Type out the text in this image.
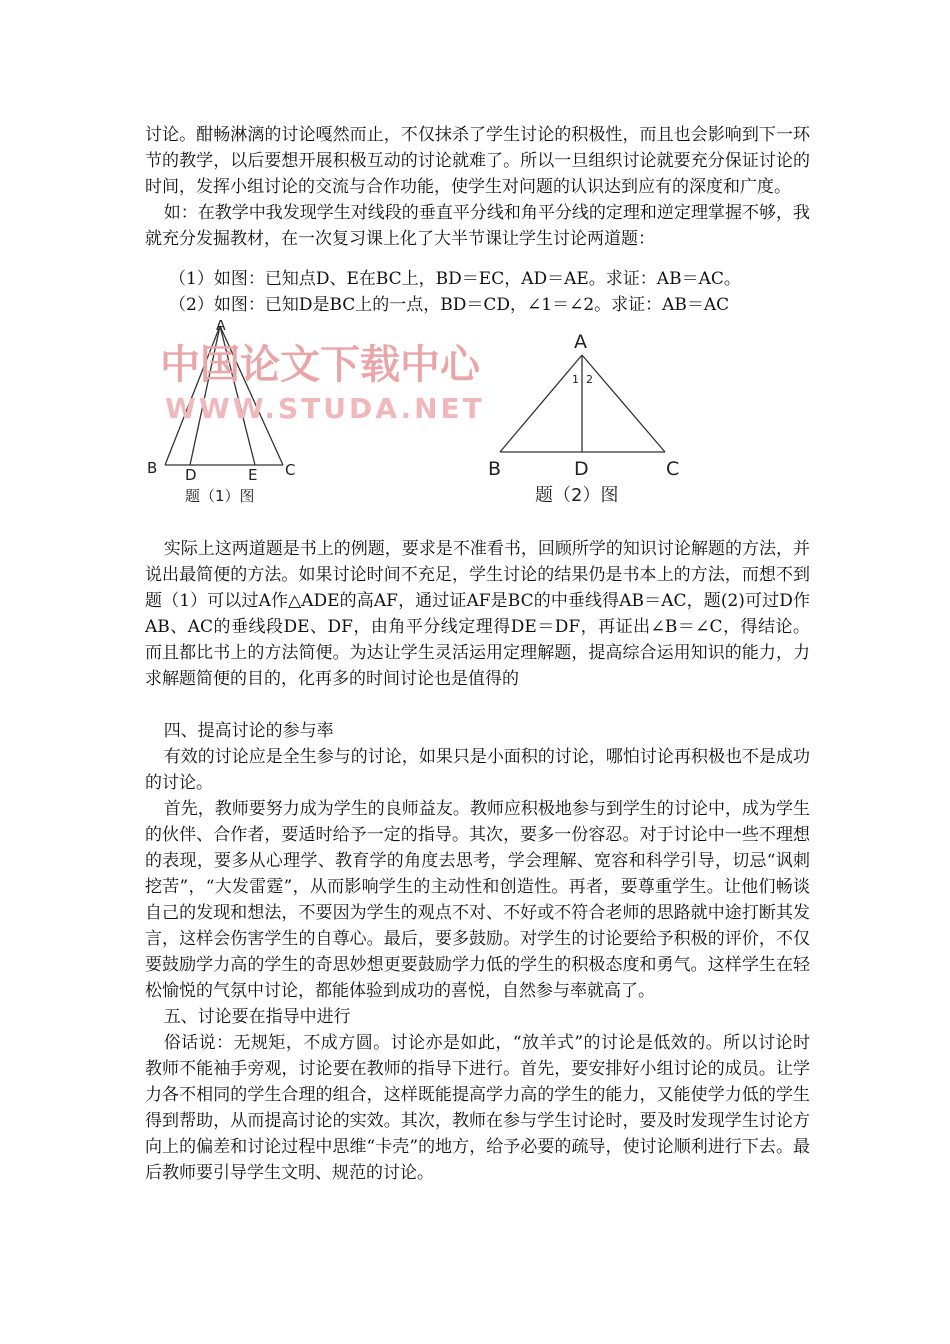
讨论。酣畅淋漓的讨论嘎然而止，不仅抹杀了学生讨论的积极性，而且也会影响到下一环节的教学，以后要想开展积极互动的讨论就难了。所以一旦组织讨论就要充分保证讨论的时间，发挥小组讨论的交流与合作功能，使学生对问题的认识达到应有的深度和广度。

如：在教学中我发现学生对线段的垂直平分线和角平分线的定理和逆定理掌握不够，我就充分发掘教材，在一次复习课上化了大半节课让学生讨论两道题：

（1）如图：已知点D、E在BC上，BD＝EC，AD＝AE。求证：AB＝AC。

（2）如图：已知D是BC上的一点，BD＝CD，∠1＝∠2。求证：AB＝AC

A
B D	E C
题（1）图
中国论文下载中心
WWW.STUDA.NET
A
1 2
B	D	C
题（2）图

实际上这两道题是书上的例题，要求是不准看书，回顾所学的知识讨论解题的方法，并说出最简便的方法。如果讨论时间不充足，学生讨论的结果仍是书本上的方法，而想不到题（1）可以过A作△ADE的高AF，通过证AF是BC的中垂线得AB＝AC，题(2)可过D作AB、AC的垂线段DE、DF，由角平分线定理得DE＝DF，再证出∠B＝∠C，得结论。而且都比书上的方法简便。为达让学生灵活运用定理解题，提高综合运用知识的能力，力求解题简便的目的，化再多的时间讨论也是值得的

四、提高讨论的参与率

有效的讨论应是全生参与的讨论，如果只是小面积的讨论，哪怕讨论再积极也不是成功的讨论。

首先，教师要努力成为学生的良师益友。教师应积极地参与到学生的讨论中，成为学生的伙伴、合作者，要适时给予一定的指导。其次，要多一份容忍。对于讨论中一些不理想的表现，要多从心理学、教育学的角度去思考，学会理解、宽容和科学引导，切忌“讽刺挖苦”，“大发雷霆”，从而影响学生的主动性和创造性。再者，要尊重学生。让他们畅谈自己的发现和想法，不要因为学生的观点不对、不好或不符合老师的思路就中途打断其发言，这样会伤害学生的自尊心。最后，要多鼓励。对学生的讨论要给予积极的评价，不仅要鼓励学力高的学生的奇思妙想更要鼓励学力低的学生的积极态度和勇气。这样学生在轻松愉悦的气氛中讨论，都能体验到成功的喜悦，自然参与率就高了。

五、讨论要在指导中进行

俗话说：无规矩，不成方圆。讨论亦是如此，“放羊式”的讨论是低效的。所以讨论时教师不能袖手旁观，讨论要在教师的指导下进行。首先，要安排好小组讨论的成员。让学力各不相同的学生合理的组合，这样既能提高学力高的学生的能力，又能使学力低的学生得到帮助，从而提高讨论的实效。其次，教师在参与学生讨论时，要及时发现学生讨论方向上的偏差和讨论过程中思维“卡壳”的地方，给予必要的疏导，使讨论顺利进行下去。最后教师要引导学生文明、规范的讨论。
